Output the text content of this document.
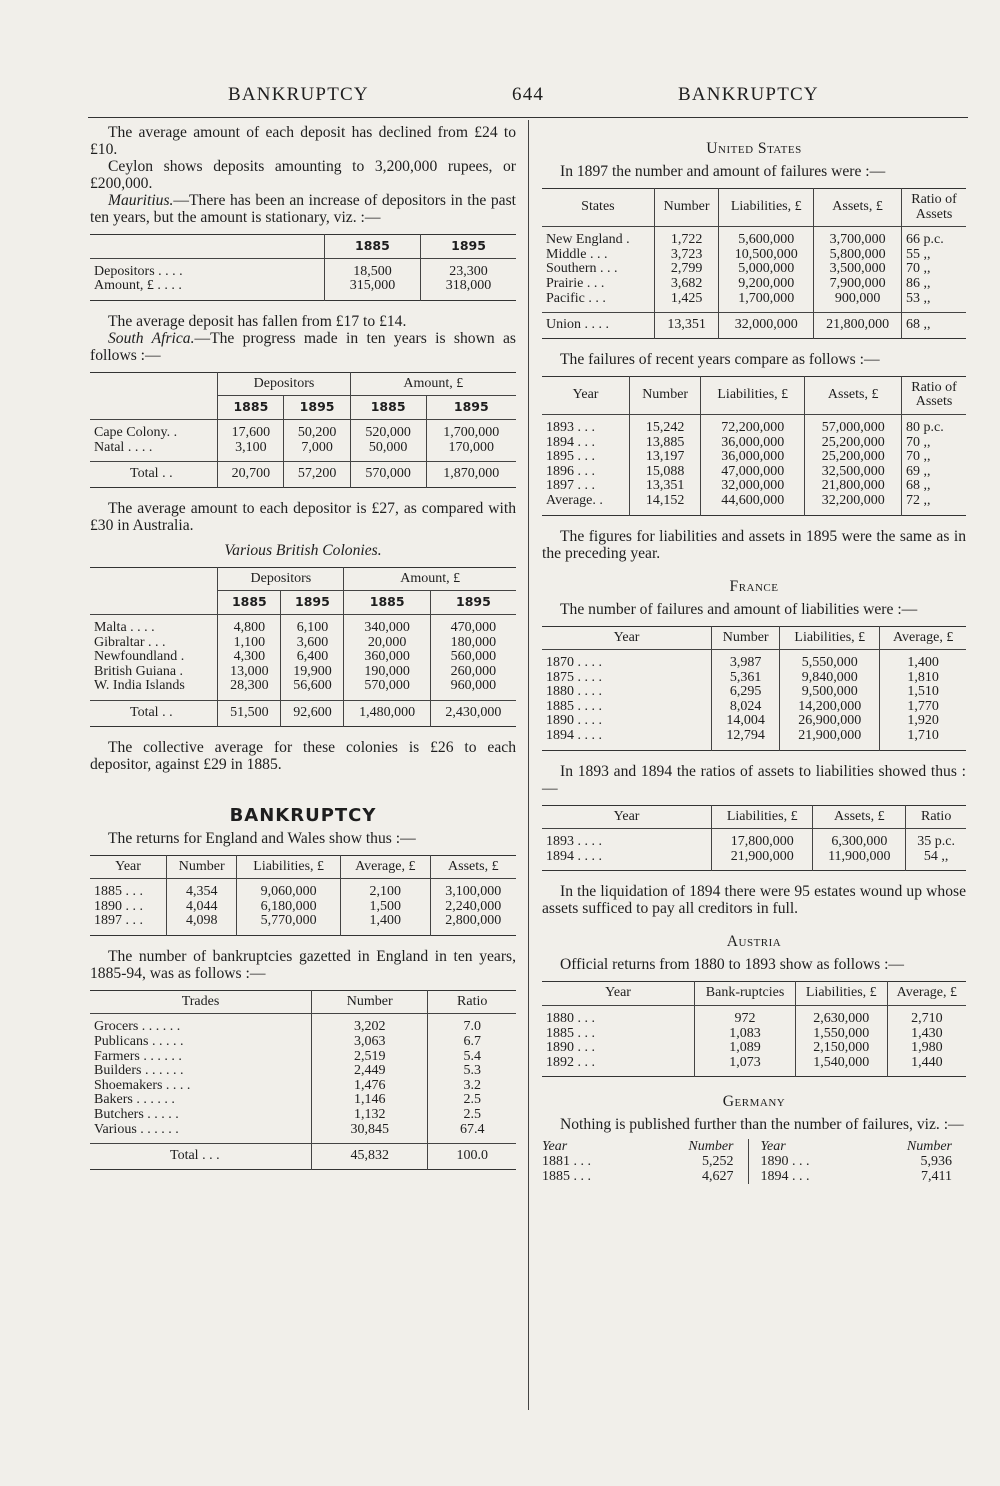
BANKRUPTCY	644	BANKRUPTCY

The average amount of each deposit has declined from £24 to £10.

Ceylon shows deposits amounting to 3,200,000 rupees, or £200,000.

Mauritius.—There has been an increase of depositors in the past ten years, but the amount is stationary, viz. :—

	1885	1895
Depositors . . . .	18,500	23,300
Amount, £ . . . .	315,000	318,000

The average deposit has fallen from £17 to £14.

South Africa.—The progress made in ten years is shown as follows :—

	Depositors		Amount, £	
	1885	1895	1885	1895
Cape Colony. .	17,600	50,200	520,000	1,700,000
Natal . . . .	3,100	7,000	50,000	170,000
Total . .	20,700	57,200	570,000	1,870,000

The average amount to each depositor is £27, as compared with £30 in Australia.

Various British Colonies.

	Depositors		Amount, £	
	1885	1895	1885	1895
Malta . . . .	4,800	6,100	340,000	470,000
Gibraltar . . .	1,100	3,600	20,000	180,000
Newfoundland .	4,300	6,400	360,000	560,000
British Guiana .	13,000	19,900	190,000	260,000
W. India Islands	28,300	56,600	570,000	960,000
Total . .	51,500	92,600	1,480,000	2,430,000

The collective average for these colonies is £26 to each depositor, against £29 in 1885.

BANKRUPTCY

The returns for England and Wales show thus :—

Year	Number	Liabilities, £	Average, £	Assets, £
1885 . . .	4,354	9,060,000	2,100	3,100,000
1890 . . .	4,044	6,180,000	1,500	2,240,000
1897 . . .	4,098	5,770,000	1,400	2,800,000

The number of bankruptcies gazetted in England in ten years, 1885-94, was as follows :—

Trades	Number	Ratio
Grocers . . . . . .	3,202	7.0
Publicans . . . . .	3,063	6.7
Farmers . . . . . .	2,519	5.4
Builders . . . . . .	2,449	5.3
Shoemakers . . . .	1,476	3.2
Bakers . . . . . .	1,146	2.5
Butchers . . . . .	1,132	2.5
Various . . . . . .	30,845	67.4
Total . . .	45,832	100.0

United States

In 1897 the number and amount of failures were :—

States	Number	Liabilities, £	Assets, £	Ratio of Assets
New England .	1,722	5,600,000	3,700,000	66 p.c.
Middle . . .	3,723	10,500,000	5,800,000	55 ,,
Southern . . .	2,799	5,000,000	3,500,000	70 ,,
Prairie . . .	3,682	9,200,000	7,900,000	86 ,,
Pacific . . .	1,425	1,700,000	900,000	53 ,,
Union . . . .	13,351	32,000,000	21,800,000	68 ,,

The failures of recent years compare as follows :—

Year	Number	Liabilities, £	Assets, £	Ratio of Assets
1893 . . .	15,242	72,200,000	57,000,000	80 p.c.
1894 . . .	13,885	36,000,000	25,200,000	70 ,,
1895 . . .	13,197	36,000,000	25,200,000	70 ,,
1896 . . .	15,088	47,000,000	32,500,000	69 ,,
1897 . . .	13,351	32,000,000	21,800,000	68 ,,
Average. .	14,152	44,600,000	32,200,000	72 ,,

The figures for liabilities and assets in 1895 were the same as in the preceding year.

France

The number of failures and amount of liabilities were :—

Year	Number	Liabilities, £	Average, £
1870 . . . .	3,987	5,550,000	1,400
1875 . . . .	5,361	9,840,000	1,810
1880 . . . .	6,295	9,500,000	1,510
1885 . . . .	8,024	14,200,000	1,770
1890 . . . .	14,004	26,900,000	1,920
1894 . . . .	12,794	21,900,000	1,710

In 1893 and 1894 the ratios of assets to liabilities showed thus :—

Year	Liabilities, £	Assets, £	Ratio
1893 . . . .	17,800,000	6,300,000	35 p.c.
1894 . . . .	21,900,000	11,900,000	54 ,,

In the liquidation of 1894 there were 95 estates wound up whose assets sufficed to pay all creditors in full.

Austria

Official returns from 1880 to 1893 show as follows :—

Year	Bank-ruptcies	Liabilities, £	Average, £
1880 . . .	972	2,630,000	2,710
1885 . . .	1,083	1,550,000	1,430
1890 . . .	1,089	2,150,000	1,980
1892 . . .	1,073	1,540,000	1,440

Germany

Nothing is published further than the number of failures, viz. :—

Year	Number Year	Number
1881 . . .	5,252 1890 . . .	5,936
1885 . . .	4,627 1894 . . .	7,411
